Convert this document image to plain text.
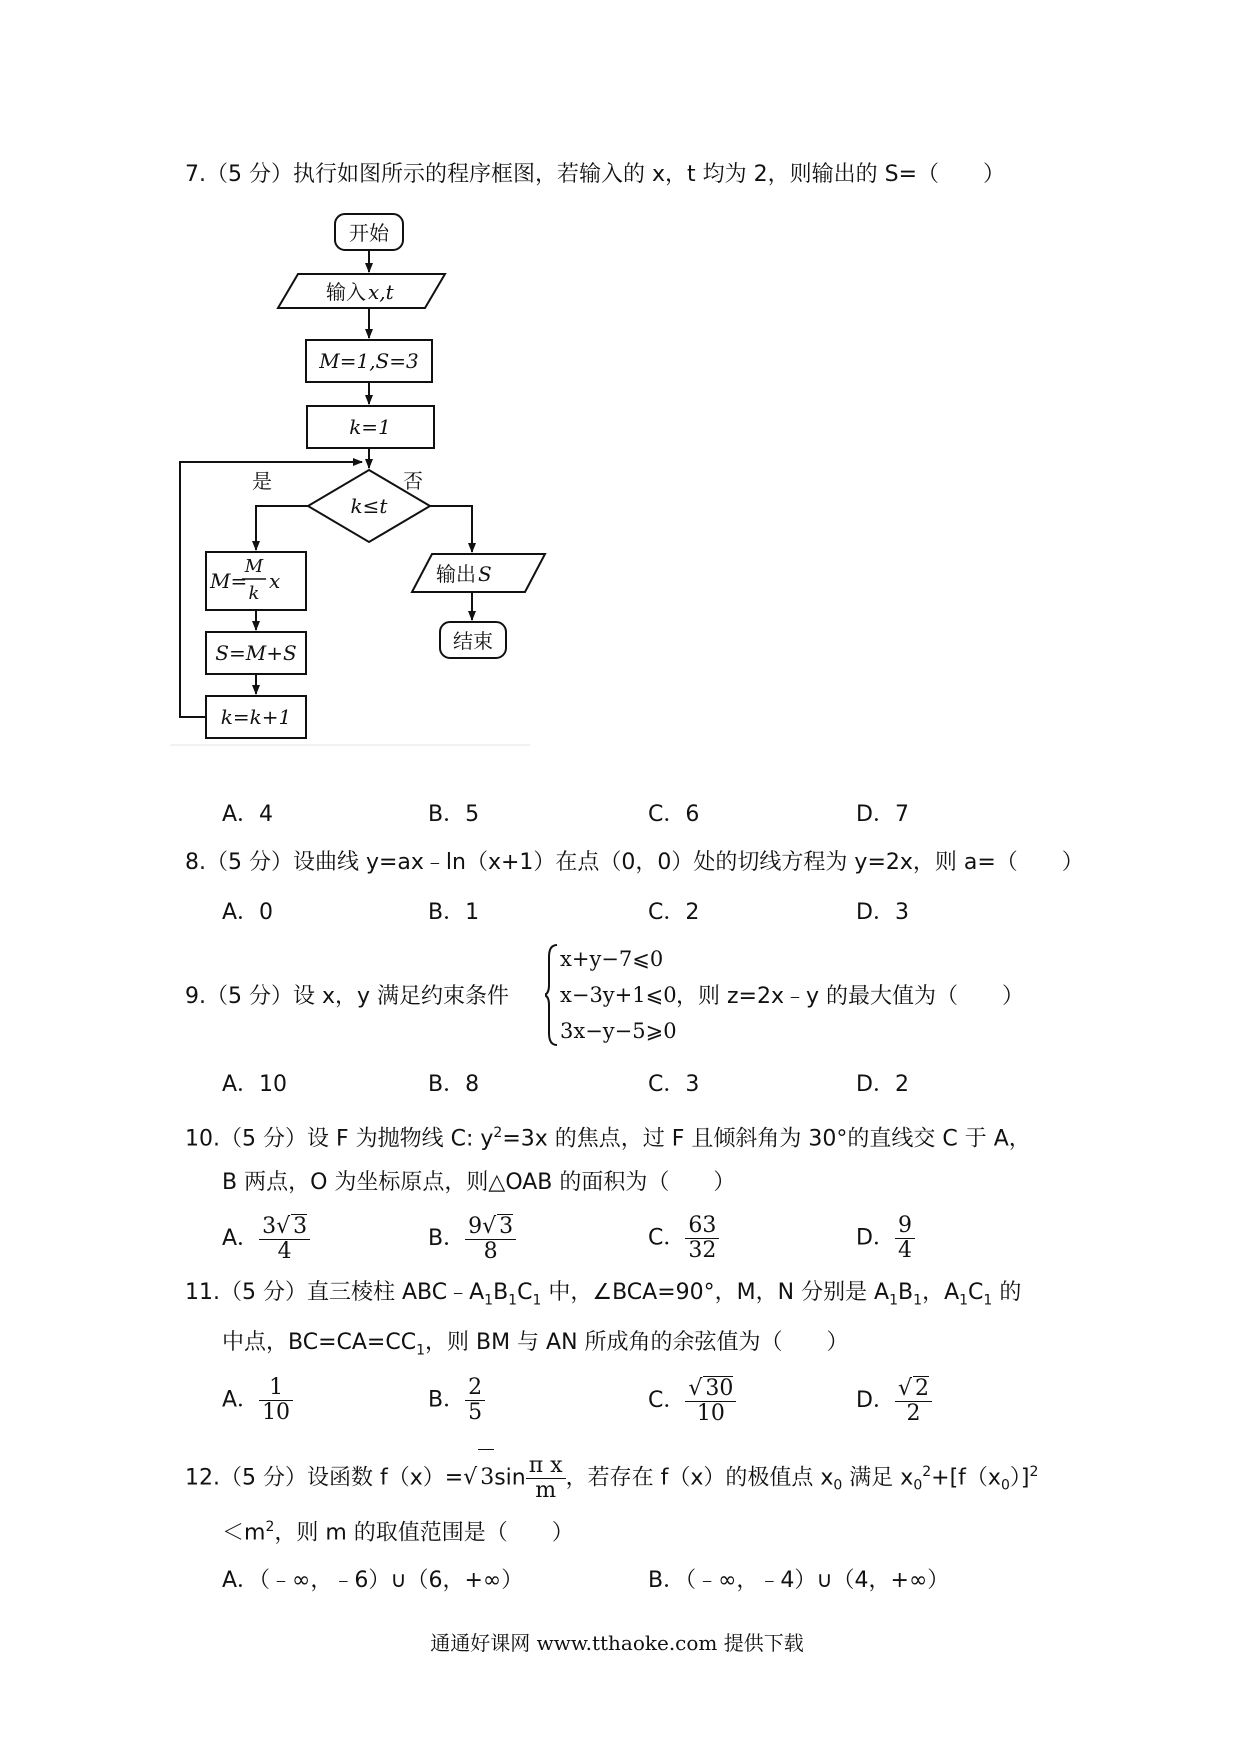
7.（5 分）执行如图所示的程序框图，若输入的 x，t 均为 2，则输出的 S=（　　）
开始
输入 x,t
M=1,S=3
k=1
k≤t
是	否
M=
M
k
x
S=M+S
k=k+1
输出 S
结束
A．4	B．5	C．6	D．7
8.（5 分）设曲线 y=ax﹣ln（x+1）在点（0，0）处的切线方程为 y=2x，则 a=（　　）
A．0	B．1	C．2	D．3
9.（5 分）设 x，y 满足约束条件
x+y−7⩽0
x−3y+1⩽0
3x−y−5⩾0
，则 z=2x﹣y 的最大值为（　　）
A．10	B．8	C．3	D．2
10.（5 分）设 F 为抛物线 C: $y^2=3x$ 的焦点，过 F 且倾斜角为 30°的直线交 C 于 A，
B 两点，O 为坐标原点，则△OAB 的面积为（　　）
A． $\frac{3√ 3}{4}$	B． $\frac{9√ 3}{8}$	C． $\frac{63}{32}$	D． $\frac{9}{4}$
11.（5 分）直三棱柱 $ABC﹣A_1B_1C_1$ 中，∠BCA=90°，M，N 分别是 $A_1B_1$，$A_1C_1$ 的
中点，$BC=CA=CC_1$，则 BM 与 AN 所成角的余弦值为（　　）
A． $\frac{1}{10}$	B． $\frac{2}{5}$	C． $\frac{√ 30}{10}$	D． $\frac{√ 2}{2}$
12.（5 分）设函数 f（x）=√ $3\sin \frac{\text{π x}}{m}$ ，若存在 f（x）的极值点 $x_0$ 满足 $x_0^2+[f(x_0)]^2$
$<m^2$，则 m 的取值范围是（　　）
A．（﹣∞，﹣6）∪（6，+∞）	B．（﹣∞，﹣4）∪（4，+∞）
通通好课网 www.tthaoke.com 提供下载
